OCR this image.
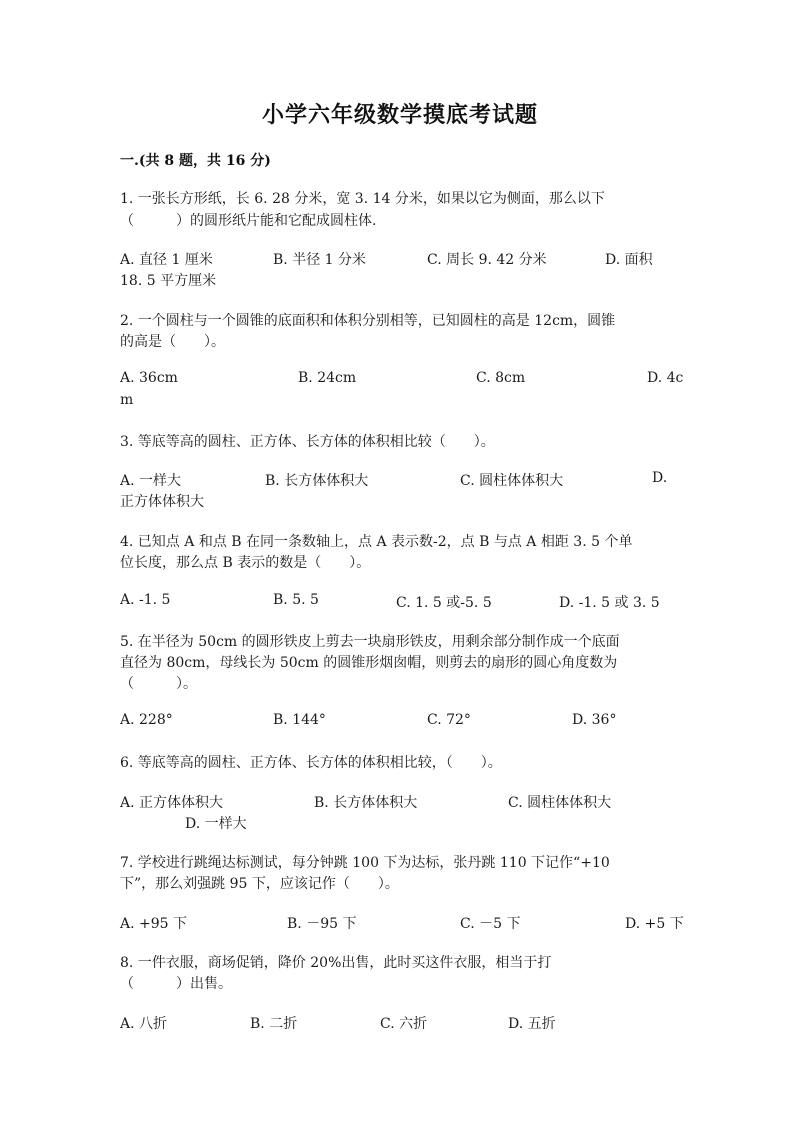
小学六年级数学摸底考试题
一.(共 8 题，共 16 分)
1. 一张长方形纸，长 6. 28 分米，宽 3. 14 分米，如果以它为侧面，那么以下
（　　　）的圆形纸片能和它配成圆柱体.
A. 直径 1 厘米	B. 半径 1 分米	C. 周长 9. 42 分米	D. 面积
18. 5 平方厘米
2. 一个圆柱与一个圆锥的底面积和体积分别相等，已知圆柱的高是 12cm，圆锥
的高是（　　）。
A. 36cm	B. 24cm	C. 8cm	D. 4c
m
3. 等底等高的圆柱、正方体、长方体的体积相比较（　　）。
A. 一样大	B. 长方体体积大	C. 圆柱体体积大	D.
正方体体积大
4. 已知点 A 和点 B 在同一条数轴上，点 A 表示数-2，点 B 与点 A 相距 3. 5 个单
位长度，那么点 B 表示的数是（　　）。
A. -1. 5	B. 5. 5	C. 1. 5 或-5. 5	D. -1. 5 或 3. 5
5. 在半径为 50cm 的圆形铁皮上剪去一块扇形铁皮，用剩余部分制作成一个底面
直径为 80cm，母线长为 50cm 的圆锥形烟囱帽，则剪去的扇形的圆心角度数为
（　　　）。
A. 228°	B. 144°	C. 72°	D. 36°
6. 等底等高的圆柱、正方体、长方体的体积相比较，（　　）。
A. 正方体体积大	B. 长方体体积大	C. 圆柱体体积大
D. 一样大
7. 学校进行跳绳达标测试，每分钟跳 100 下为达标，张丹跳 110 下记作“+10
下”，那么刘强跳 95 下，应该记作（　　）。
A. +95 下	B. －95 下	C. －5 下	D. +5 下
8. 一件衣服，商场促销，降价 20%出售，此时买这件衣服，相当于打
（　　　）出售。
A. 八折	B. 二折	C. 六折	D. 五折
